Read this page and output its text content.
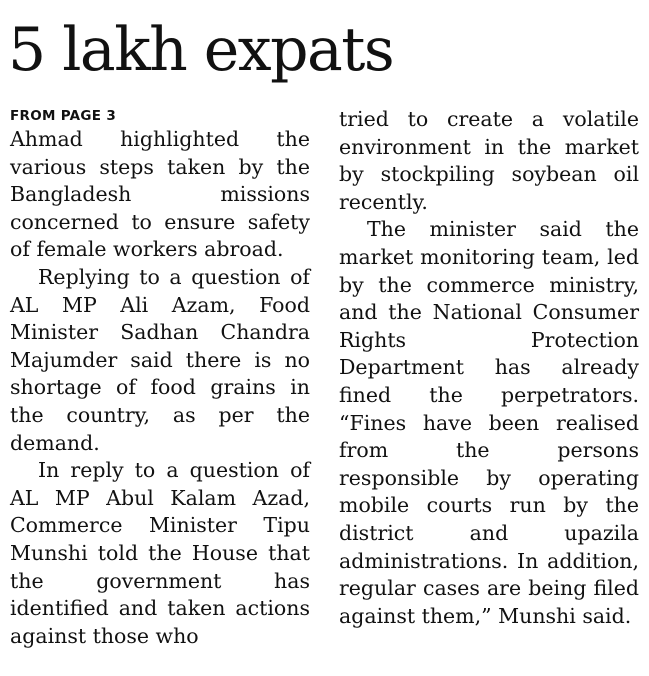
5 lakh expats
FROM PAGE 3

Ahmad highlighted the various steps taken by the Bangladesh missions concerned to ensure safety of female workers abroad.

Replying to a question of AL MP Ali Azam, Food Minister Sadhan Chandra Majumder said there is no shortage of food grains in the country, as per the demand.

In reply to a question of AL MP Abul Kalam Azad, Commerce Minister Tipu Munshi told the House that the government has identified and taken actions against those who

tried to create a volatile environment in the market by stockpiling soybean oil recently.

The minister said the market monitoring team, led by the commerce ministry, and the National Consumer Rights Protection Department has already fined the perpetrators. “Fines have been realised from the persons responsible by operating mobile courts run by the district and upazila administrations. In addition, regular cases are being filed against them,” Munshi said.
